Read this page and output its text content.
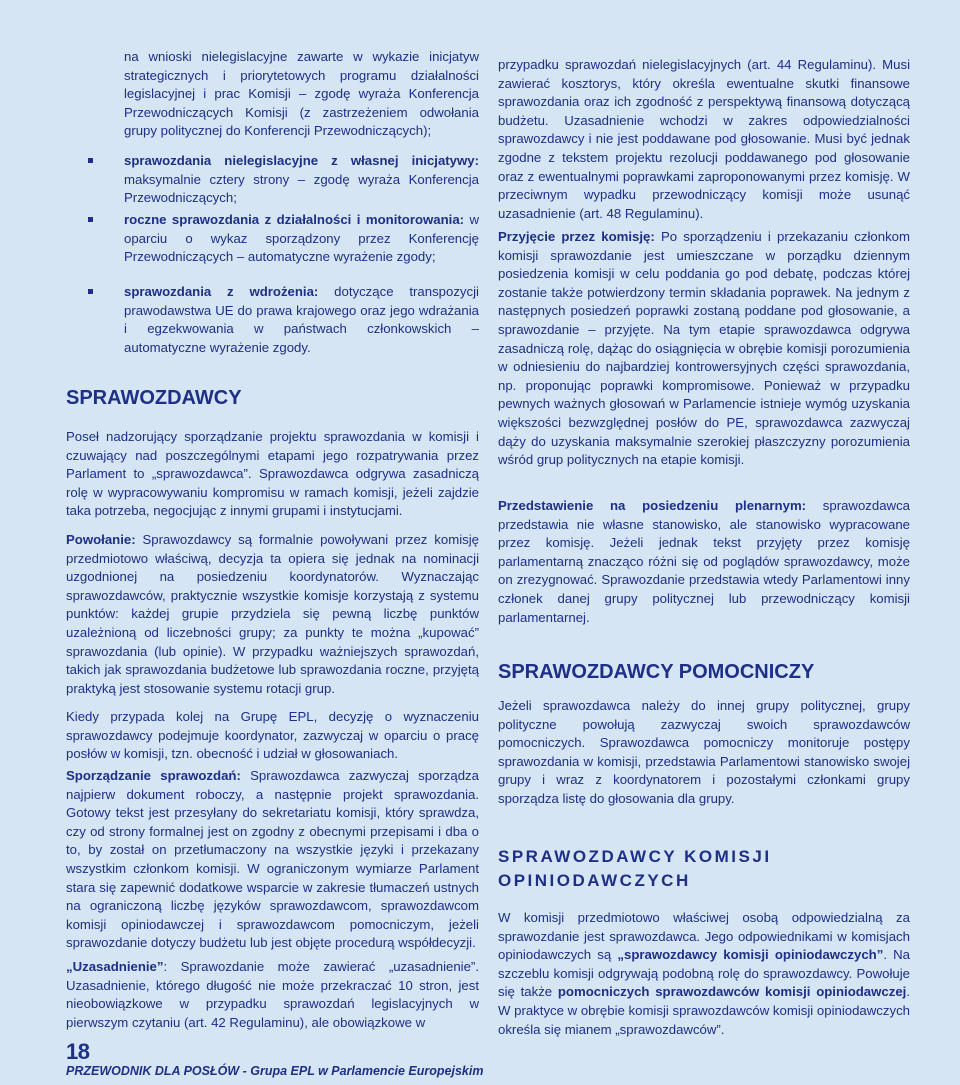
na wnioski nielegislacyjne zawarte w wykazie inicjatyw strategicznych i priorytetowych programu działalności legislacyjnej i prac Komisji – zgodę wyraża Konferencja Przewodniczących Komisji (z zastrzeżeniem odwołania grupy politycznej do Konferencji Przewodniczących);

sprawozdania nielegislacyjne z własnej inicjatywy: maksymalnie cztery strony – zgodę wyraża Konferencja Przewodniczących;

roczne sprawozdania z działalności i monitorowania: w oparciu o wykaz sporządzony przez Konferencję Przewodniczących – automatyczne wyrażenie zgody;

sprawozdania z wdrożenia: dotyczące transpozycji prawodawstwa UE do prawa krajowego oraz jego wdrażania i egzekwowania w państwach członkowskich – automatyczne wyrażenie zgody.

SPRAWOZDAWCY

Poseł nadzorujący sporządzanie projektu sprawozdania w komisji i czuwający nad poszczególnymi etapami jego rozpatrywania przez Parlament to „sprawozdawca”. Sprawozdawca odgrywa zasadniczą rolę w wypracowywaniu kompromisu w ramach komisji, jeżeli zajdzie taka potrzeba, negocjując z innymi grupami i instytucjami.

Powołanie: Sprawozdawcy są formalnie powoływani przez komisję przedmiotowo właściwą, decyzja ta opiera się jednak na nominacji uzgodnionej na posiedzeniu koordynatorów. Wyznaczając sprawozdawców, praktycznie wszystkie komisje korzystają z systemu punktów: każdej grupie przydziela się pewną liczbę punktów uzależnioną od liczebności grupy; za punkty te można „kupować” sprawozdania (lub opinie). W przypadku ważniejszych sprawozdań, takich jak sprawozdania budżetowe lub sprawozdania roczne, przyjętą praktyką jest stosowanie systemu rotacji grup.

Kiedy przypada kolej na Grupę EPL, decyzję o wyznaczeniu sprawozdawcy podejmuje koordynator, zazwyczaj w oparciu o pracę posłów w komisji, tzn. obecność i udział w głosowaniach.

Sporządzanie sprawozdań: Sprawozdawca zazwyczaj sporządza najpierw dokument roboczy, a następnie projekt sprawozdania. Gotowy tekst jest przesyłany do sekretariatu komisji, który sprawdza, czy od strony formalnej jest on zgodny z obecnymi przepisami i dba o to, by został on przetłumaczony na wszystkie języki i przekazany wszystkim członkom komisji. W ograniczonym wymiarze Parlament stara się zapewnić dodatkowe wsparcie w zakresie tłumaczeń ustnych na ograniczoną liczbę języków sprawozdawcom, sprawozdawcom komisji opiniodawczej i sprawozdawcom pomocniczym, jeżeli sprawozdanie dotyczy budżetu lub jest objęte procedurą współdecyzji.

„Uzasadnienie”: Sprawozdanie może zawierać „uzasadnienie”. Uzasadnienie, którego długość nie może przekraczać 10 stron, jest nieobowiązkowe w przypadku sprawozdań legislacyjnych w pierwszym czytaniu (art. 42 Regulaminu), ale obowiązkowe w

przypadku sprawozdań nielegislacyjnych (art. 44 Regulaminu). Musi zawierać kosztorys, który określa ewentualne skutki finansowe sprawozdania oraz ich zgodność z perspektywą finansową dotyczącą budżetu. Uzasadnienie wchodzi w zakres odpowiedzialności sprawozdawcy i nie jest poddawane pod głosowanie. Musi być jednak zgodne z tekstem projektu rezolucji poddawanego pod głosowanie oraz z ewentualnymi poprawkami zaproponowanymi przez komisję. W przeciwnym wypadku przewodniczący komisji może usunąć uzasadnienie (art. 48 Regulaminu).

Przyjęcie przez komisję: Po sporządzeniu i przekazaniu członkom komisji sprawozdanie jest umieszczane w porządku dziennym posiedzenia komisji w celu poddania go pod debatę, podczas której zostanie także potwierdzony termin składania poprawek. Na jednym z następnych posiedzeń poprawki zostaną poddane pod głosowanie, a sprawozdanie – przyjęte. Na tym etapie sprawozdawca odgrywa zasadniczą rolę, dążąc do osiągnięcia w obrębie komisji porozumienia w odniesieniu do najbardziej kontrowersyjnych części sprawozdania, np. proponując poprawki kompromisowe. Ponieważ w przypadku pewnych ważnych głosowań w Parlamencie istnieje wymóg uzyskania większości bezwzględnej posłów do PE, sprawozdawca zazwyczaj dąży do uzyskania maksymalnie szerokiej płaszczyzny porozumienia wśród grup politycznych na etapie komisji.

Przedstawienie na posiedzeniu plenarnym: sprawozdawca przedstawia nie własne stanowisko, ale stanowisko wypracowane przez komisję. Jeżeli jednak tekst przyjęty przez komisję parlamentarną znacząco różni się od poglądów sprawozdawcy, może on zrezygnować. Sprawozdanie przedstawia wtedy Parlamentowi inny członek danej grupy politycznej lub przewodniczący komisji parlamentarnej.

SPRAWOZDAWCY POMOCNICZY

Jeżeli sprawozdawca należy do innej grupy politycznej, grupy polityczne powołują zazwyczaj swoich sprawozdawców pomocniczych. Sprawozdawca pomocniczy monitoruje postępy sprawozdania w komisji, przedstawia Parlamentowi stanowisko swojej grupy i wraz z koordynatorem i pozostałymi członkami grupy sporządza listę do głosowania dla grupy.

SPRAWOZDAWCY KOMISJI

OPINIODAWCZYCH

W komisji przedmiotowo właściwej osobą odpowiedzialną za sprawozdanie jest sprawozdawca. Jego odpowiednikami w komisjach opiniodawczych są „sprawozdawcy komisji opiniodawczych”. Na szczeblu komisji odgrywają podobną rolę do sprawozdawcy. Powołuje się także pomocniczych sprawozdawców komisji opiniodawczej. W praktyce w obrębie komisji sprawozdawców komisji opiniodawczych określa się mianem „sprawozdawców”.

18
PRZEWODNIK DLA POSŁÓW - Grupa EPL w Parlamencie Europejskim
